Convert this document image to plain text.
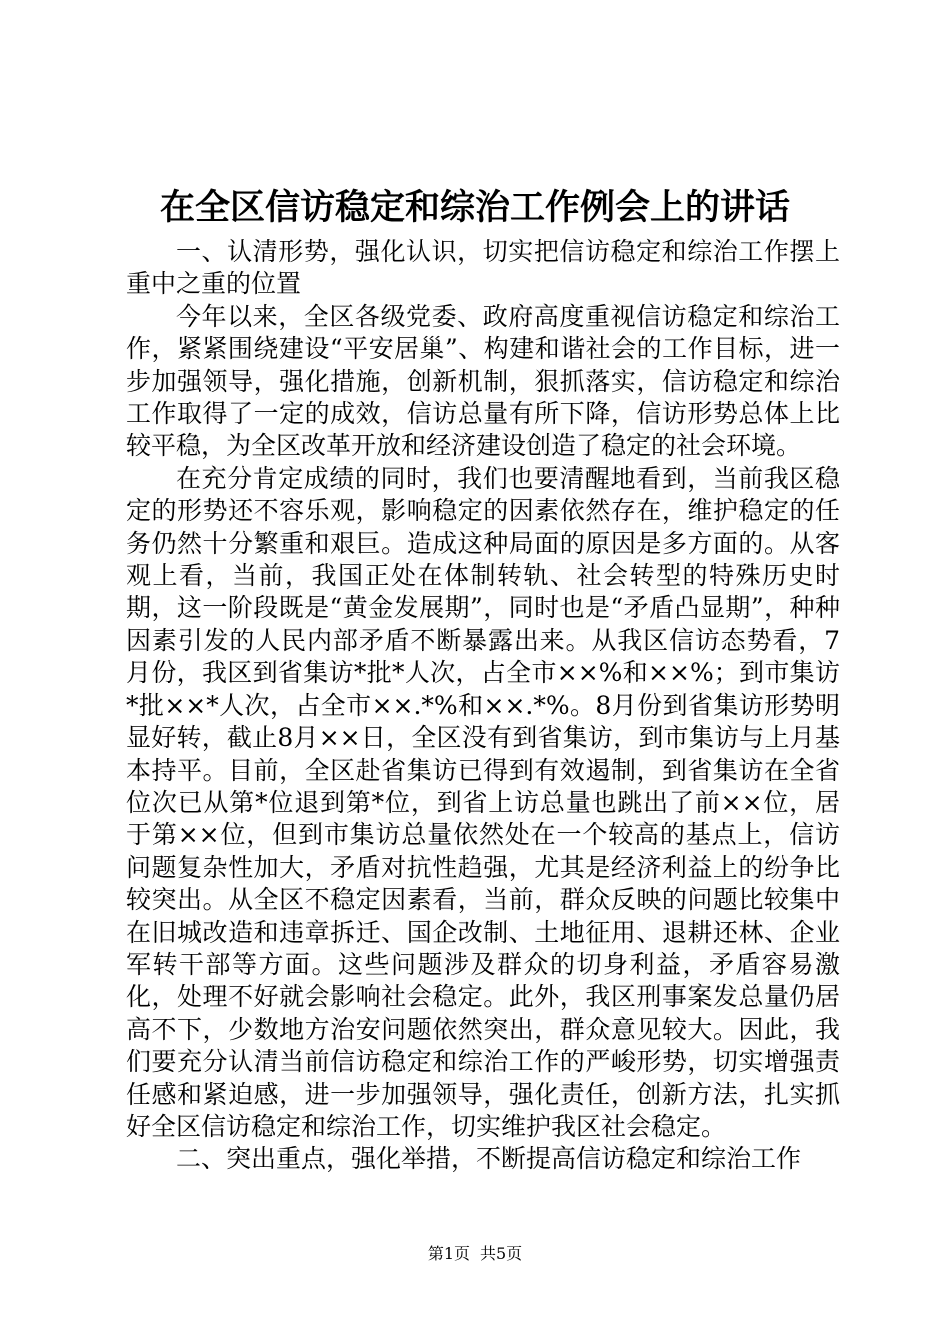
在全区信访稳定和综治工作例会上的讲话

一、认清形势，强化认识，切实把信访稳定和综治工作摆上重中之重的位置

今年以来，全区各级党委、政府高度重视信访稳定和综治工作，紧紧围绕建设“平安居巢”、构建和谐社会的工作目标，进一步加强领导，强化措施，创新机制，狠抓落实，信访稳定和综治工作取得了一定的成效，信访总量有所下降，信访形势总体上比较平稳，为全区改革开放和经济建设创造了稳定的社会环境。

在充分肯定成绩的同时，我们也要清醒地看到，当前我区稳定的形势还不容乐观，影响稳定的因素依然存在，维护稳定的任务仍然十分繁重和艰巨。造成这种局面的原因是多方面的。从客观上看，当前，我国正处在体制转轨、社会转型的特殊历史时期，这一阶段既是“黄金发展期”，同时也是“矛盾凸显期”，种种因素引发的人民内部矛盾不断暴露出来。从我区信访态势看，7月份，我区到省集访*批*人次，占全市××%和××%；到市集访*批××*人次，占全市××.*%和××.*%。8月份到省集访形势明显好转，截止8月××日，全区没有到省集访，到市集访与上月基本持平。目前，全区赴省集访已得到有效遏制，到省集访在全省位次已从第*位退到第*位，到省上访总量也跳出了前××位，居于第××位，但到市集访总量依然处在一个较高的基点上，信访问题复杂性加大，矛盾对抗性趋强，尤其是经济利益上的纷争比较突出。从全区不稳定因素看，当前，群众反映的问题比较集中在旧城改造和违章拆迁、国企改制、土地征用、退耕还林、企业军转干部等方面。这些问题涉及群众的切身利益，矛盾容易激化，处理不好就会影响社会稳定。此外，我区刑事案发总量仍居高不下，少数地方治安问题依然突出，群众意见较大。因此，我们要充分认清当前信访稳定和综治工作的严峻形势，切实增强责任感和紧迫感，进一步加强领导，强化责任，创新方法，扎实抓好全区信访稳定和综治工作，切实维护我区社会稳定。

二、突出重点，强化举措，不断提高信访稳定和综治工作

第1页 共5页
